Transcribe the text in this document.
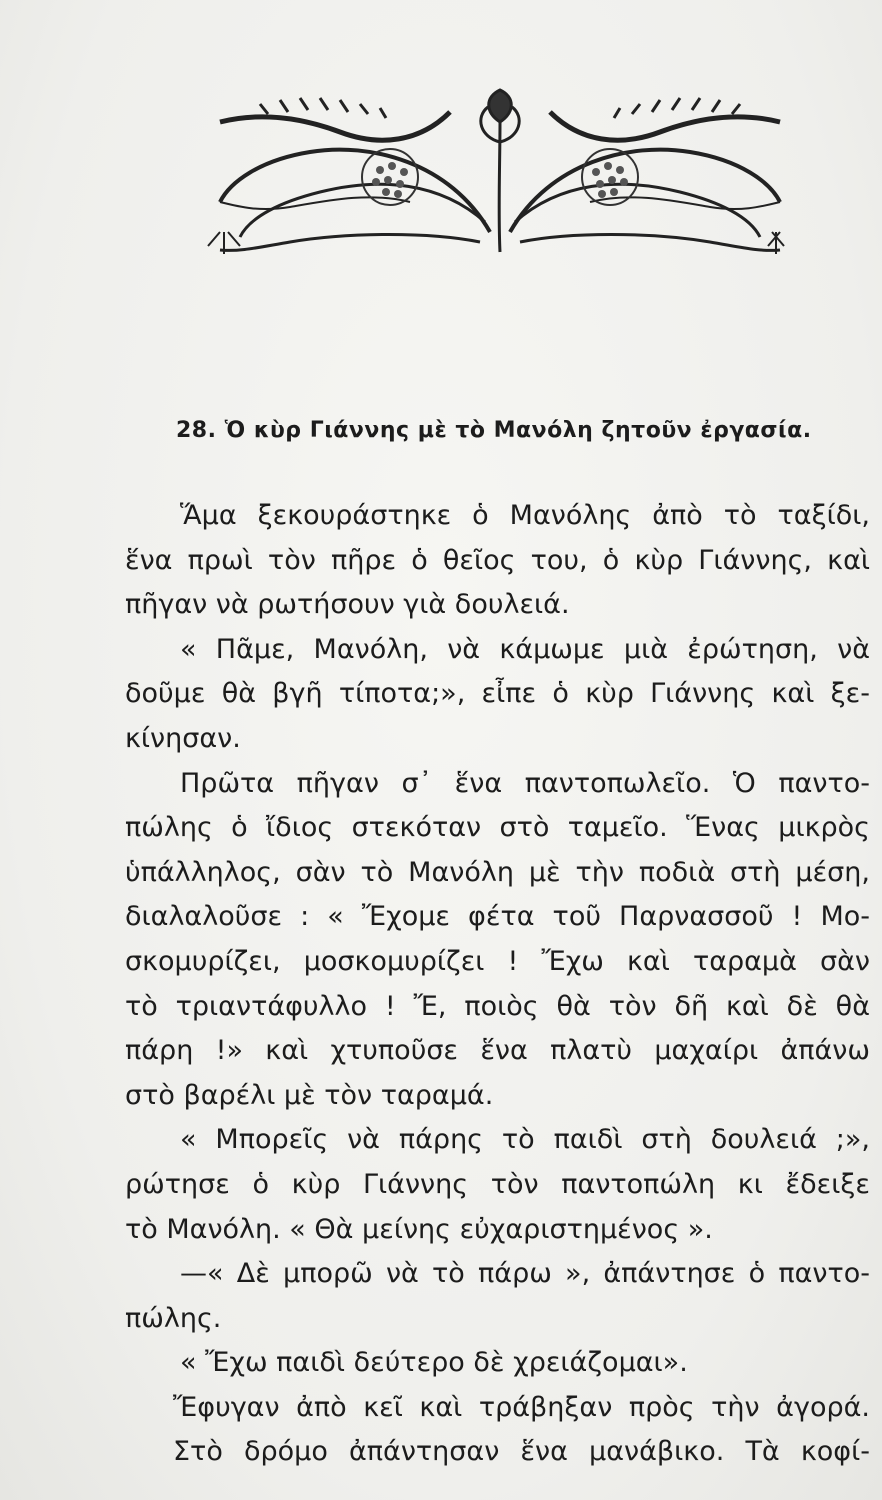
28. Ὁ κὺρ Γιάννης μὲ τὸ Μανόλη ζητοῦν ἐργασία.
Ἅμα ξεκουράστηκε ὁ Μανόλης ἀπὸ τὸ ταξίδι,
ἕνα πρωὶ τὸν πῆρε ὁ θεῖος του, ὁ κὺρ Γιάννης, καὶ
πῆγαν νὰ ρωτήσουν γιὰ δουλειά.
« Πᾶμε, Μανόλη, νὰ κάμωμε μιὰ ἐρώτηση, νὰ
δοῦμε θὰ βγῆ τίποτα;», εἶπε ὁ κὺρ Γιάννης καὶ ξε-
κίνησαν.
Πρῶτα πῆγαν σ᾽ ἕνα παντοπωλεῖο. Ὁ παντο-
πώλης ὁ ἴδιος στεκόταν στὸ ταμεῖο. Ἕνας μικρὸς
ὑπάλληλος, σὰν τὸ Μανόλη μὲ τὴν ποδιὰ στὴ μέση,
διαλαλοῦσε : « Ἔχομε φέτα τοῦ Παρνασσοῦ ! Μο-
σκομυρίζει, μοσκομυρίζει ! Ἔχω καὶ ταραμὰ σὰν
τὸ τριαντάφυλλο ! Ἔ, ποιὸς θὰ τὸν δῆ καὶ δὲ θὰ
πάρη !» καὶ χτυποῦσε ἕνα πλατὺ μαχαίρι ἀπάνω
στὸ βαρέλι μὲ τὸν ταραμά.
« Μπορεῖς νὰ πάρης τὸ παιδὶ στὴ δουλειά ;»,
ρώτησε ὁ κὺρ Γιάννης τὸν παντοπώλη κι ἔδειξε
τὸ Μανόλη. « Θὰ μείνης εὐχαριστημένος ».
—« Δὲ μπορῶ νὰ τὸ πάρω », ἀπάντησε ὁ παντο-
πώλης.
« Ἔχω παιδὶ δεύτερο δὲ χρειάζομαι».
Ἔφυγαν ἀπὸ κεῖ καὶ τράβηξαν πρὸς τὴν ἀγορά.
Στὸ δρόμο ἀπάντησαν ἕνα μανάβικο. Τὰ κοφί-
